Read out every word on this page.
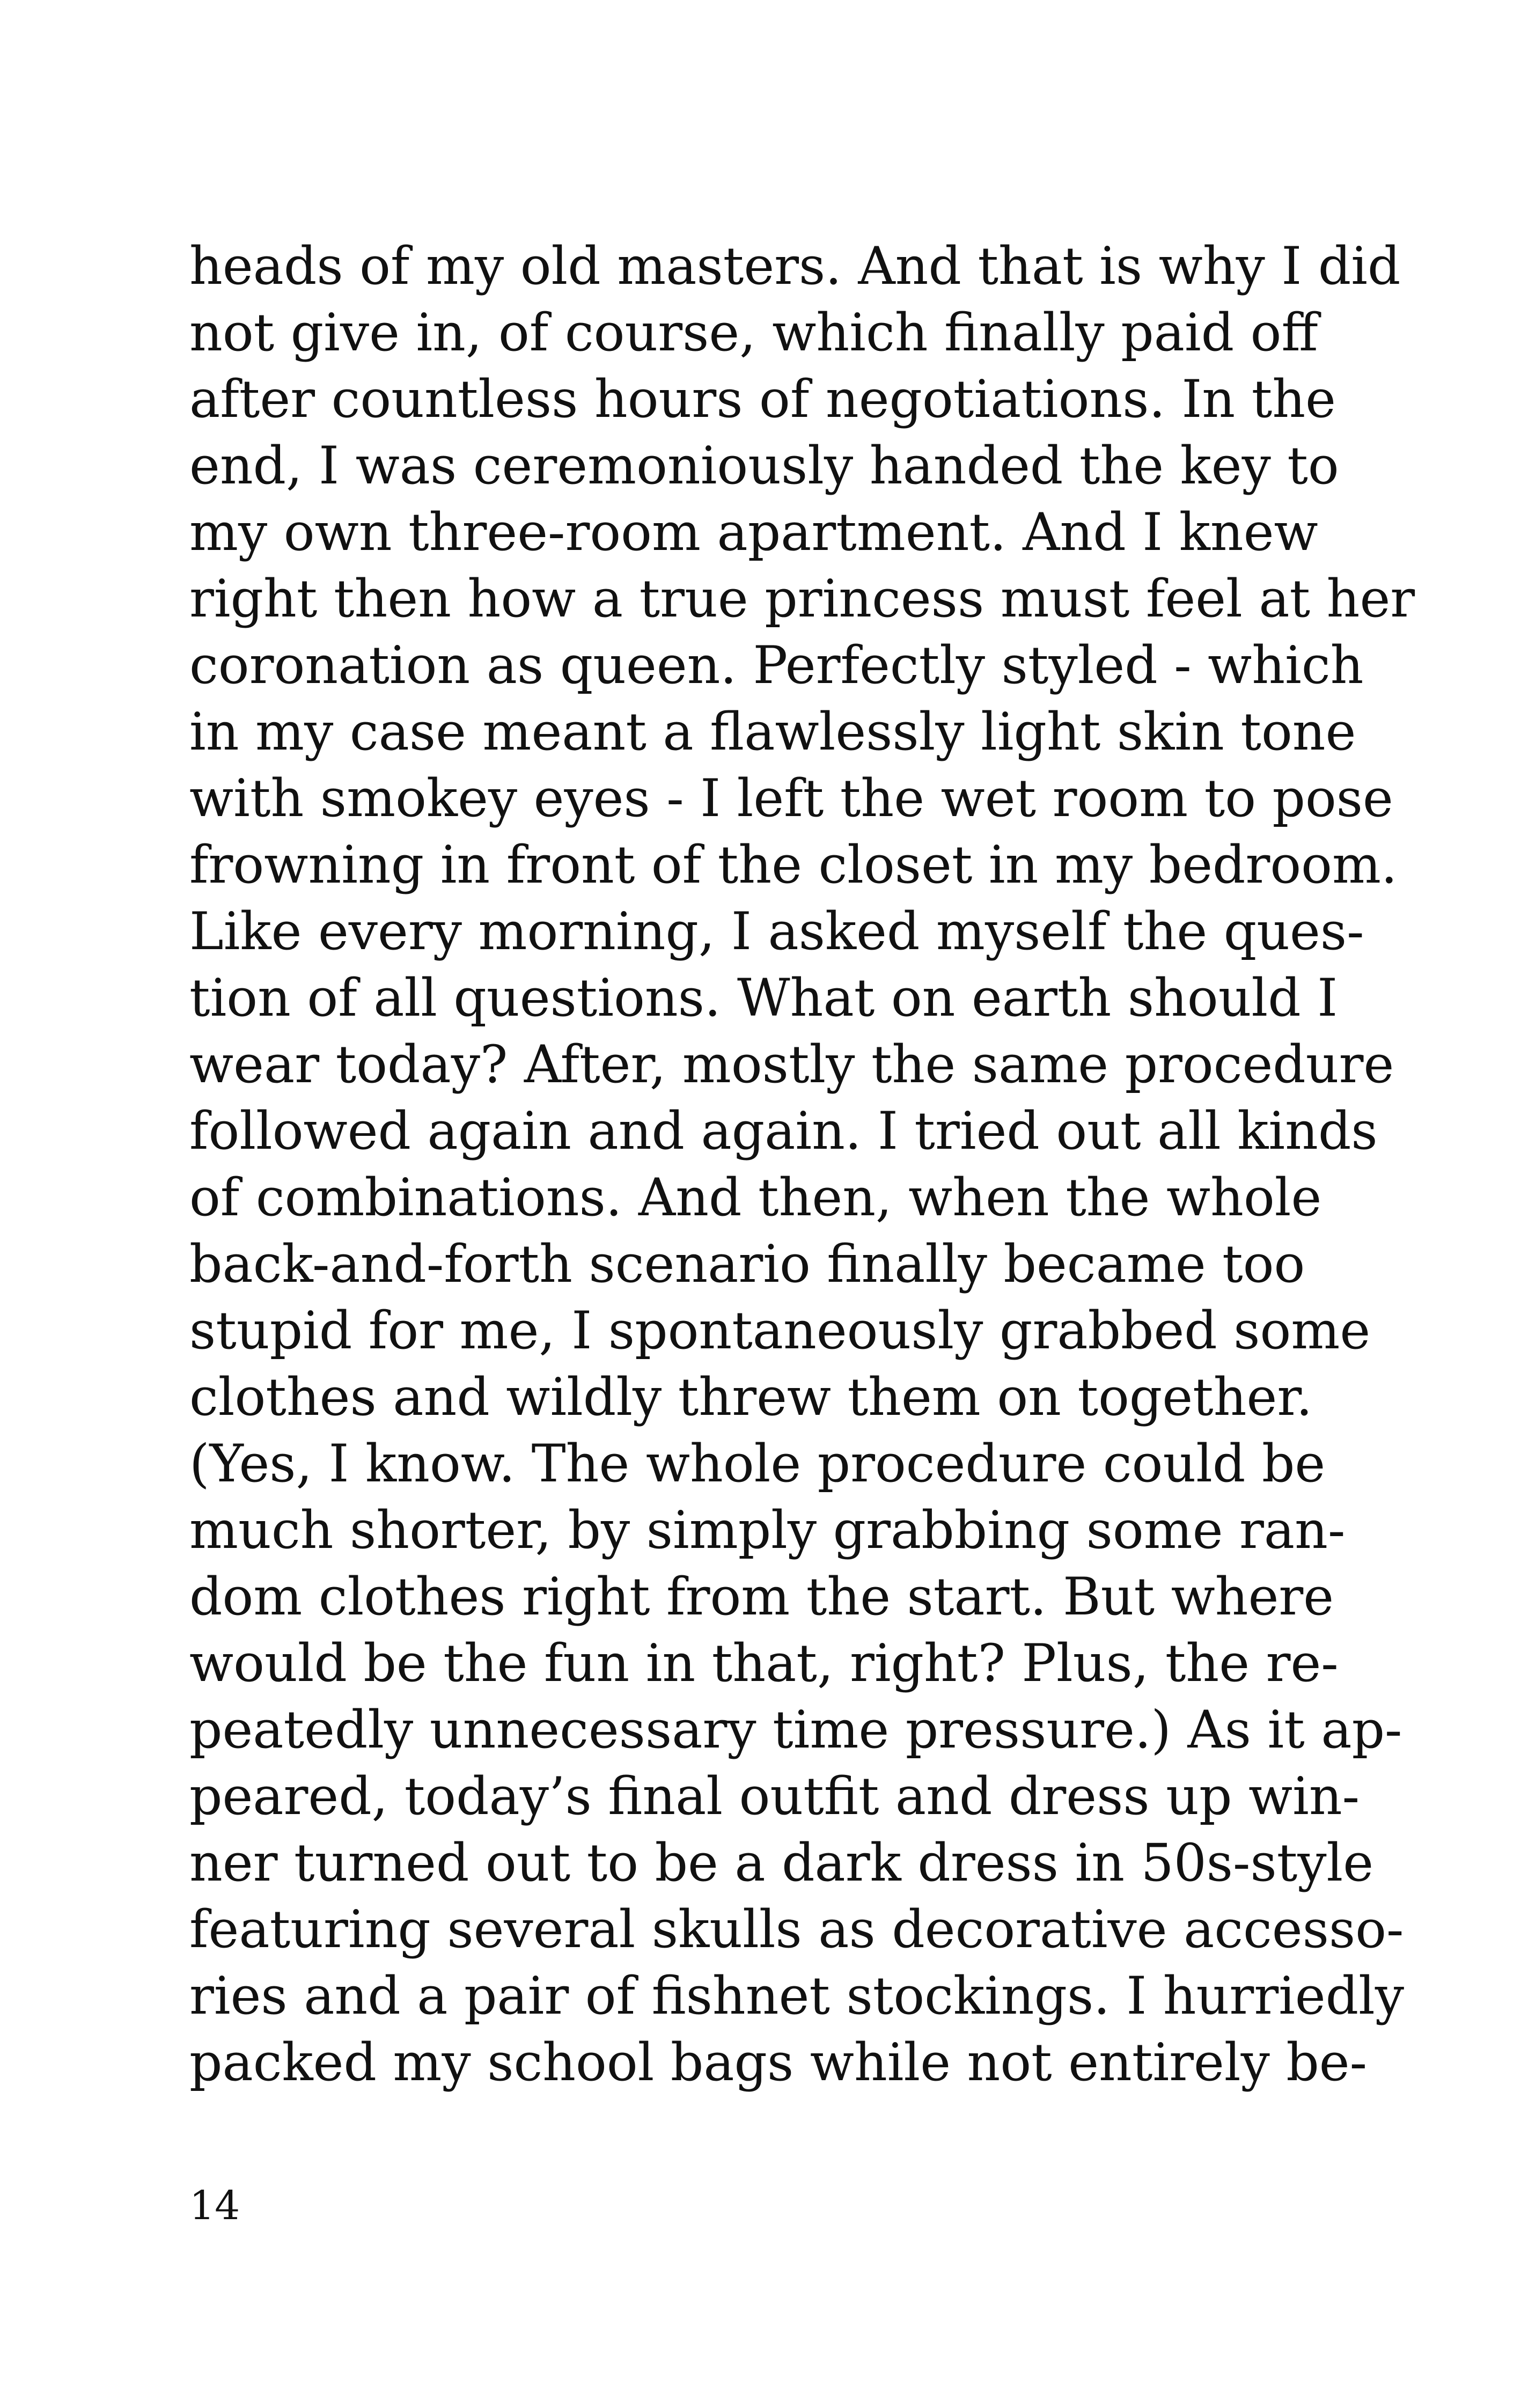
heads of my old masters. And that is why I did
not give in, of course, which finally paid off
after countless hours of negotiations. In the
end, I was ceremoniously handed the key to
my own three-room apartment. And I knew
right then how a true princess must feel at her
coronation as queen. Perfectly styled - which
in my case meant a flawlessly light skin tone
with smokey eyes - I left the wet room to pose
frowning in front of the closet in my bedroom.
Like every morning, I asked myself the ques-
tion of all questions. What on earth should I
wear today? After, mostly the same procedure
followed again and again. I tried out all kinds
of combinations. And then, when the whole
back-and-forth scenario finally became too
stupid for me, I spontaneously grabbed some
clothes and wildly threw them on together.
(Yes, I know. The whole procedure could be
much shorter, by simply grabbing some ran-
dom clothes right from the start. But where
would be the fun in that, right? Plus, the re-
peatedly unnecessary time pressure.) As it ap-
peared, today’s final outfit and dress up win-
ner turned out to be a dark dress in 50s-style
featuring several skulls as decorative accesso-
ries and a pair of fishnet stockings. I hurriedly
packed my school bags while not entirely be-
14
